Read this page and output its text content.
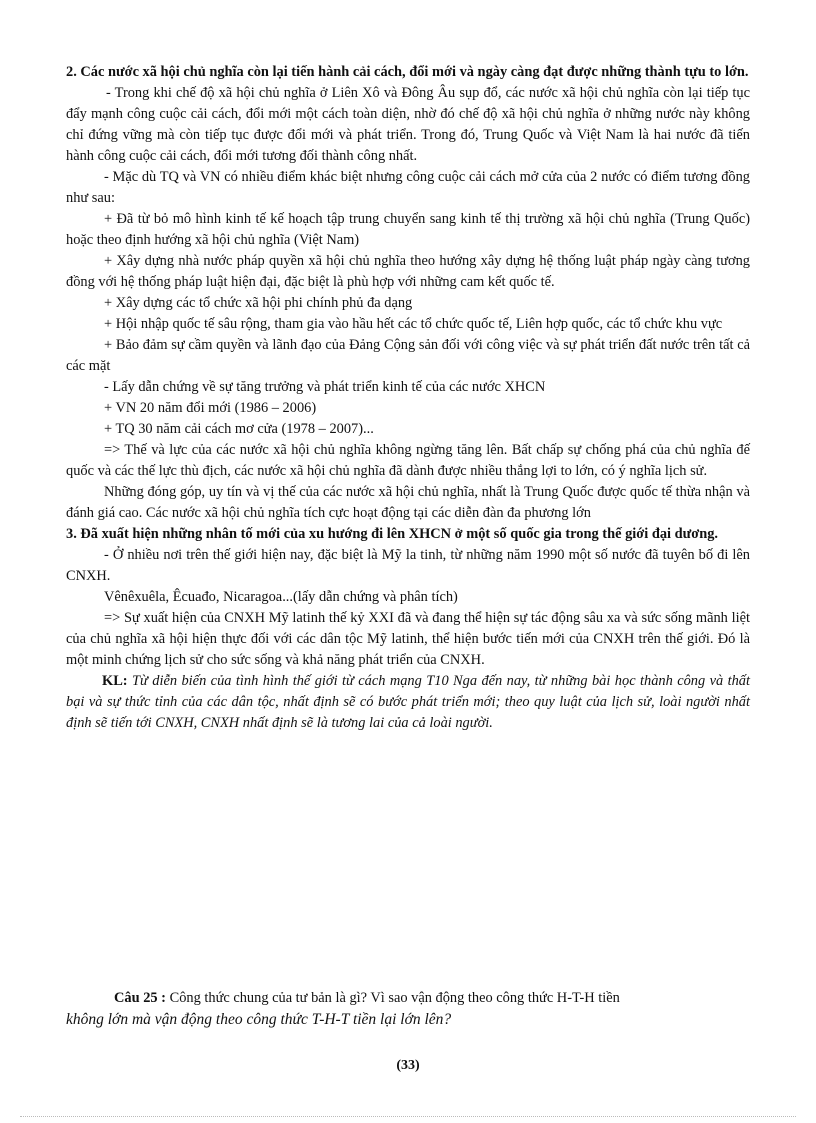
2. Các nước xã hội chủ nghĩa còn lại tiến hành cải cách, đổi mới và ngày càng đạt được những thành tựu to lớn.

- Trong khi chế độ xã hội chủ nghĩa ở Liên Xô và Đông Âu sụp đổ, các nước xã hội chủ nghĩa còn lại tiếp tục đẩy mạnh công cuộc cải cách, đổi mới một cách toàn diện, nhờ đó chế độ xã hội chủ nghĩa ở những nước này không chỉ đứng vững mà còn tiếp tục được đổi mới và phát triển. Trong đó, Trung Quốc và Việt Nam là hai nước đã tiến hành công cuộc cải cách, đổi mới tương đối thành công nhất.

- Mặc dù TQ và VN có nhiều điểm khác biệt nhưng công cuộc cải cách mở cửa của 2 nước có điểm tương đồng như sau:

+ Đã từ bỏ mô hình kinh tế kế hoạch tập trung chuyển sang kinh tế thị trường xã hội chủ nghĩa (Trung Quốc) hoặc theo định hướng xã hội chủ nghĩa (Việt Nam)

+ Xây dựng nhà nước pháp quyền xã hội chủ nghĩa theo hướng xây dựng hệ thống luật pháp ngày càng tương đồng với hệ thống pháp luật hiện đại, đặc biệt là phù hợp với những cam kết quốc tế.

+ Xây dựng các tổ chức xã hội phi chính phủ đa dạng

+ Hội nhập quốc tế sâu rộng, tham gia vào hầu hết các tổ chức quốc tế, Liên hợp quốc, các tổ chức khu vực

+ Bảo đảm sự cầm quyền và lãnh đạo của Đảng Cộng sản đối với công việc và sự phát triển đất nước trên tất cả các mặt

- Lấy dẫn chứng về sự tăng trưởng và phát triển kinh tế của các nước XHCN

+ VN 20 năm đổi mới (1986 – 2006)

+ TQ 30 năm cải cách mơ cửa (1978 – 2007)...

=> Thế và lực của các nước xã hội chủ nghĩa không ngừng tăng lên. Bất chấp sự chống phá của chủ nghĩa đế quốc và các thế lực thù địch, các nước xã hội chủ nghĩa đã dành được nhiều thắng lợi to lớn, có ý nghĩa lịch sử.

Những đóng góp, uy tín và vị thế của các nước xã hội chủ nghĩa, nhất là Trung Quốc được quốc tế thừa nhận và đánh giá cao. Các nước xã hội chủ nghĩa tích cực hoạt động tại các diễn đàn đa phương lớn

3. Đã xuất hiện những nhân tố mới của xu hướng đi lên XHCN ở một số quốc gia trong thế giới đại dương.

- Ở nhiều nơi trên thế giới hiện nay, đặc biệt là Mỹ la tinh, từ những năm 1990 một số nước đã tuyên bố đi lên CNXH.

Vênêxuêla, Êcuađo, Nicaragoa...(lấy dẫn chứng và phân tích)

=> Sự xuất hiện của CNXH Mỹ latinh thế kỷ XXI đã và đang thể hiện sự tác động sâu xa và sức sống mãnh liệt của chủ nghĩa xã hội hiện thực đối với các dân tộc Mỹ latinh, thể hiện bước tiến mới của CNXH trên thế giới. Đó là một minh chứng lịch sử cho sức sống và khả năng phát triển của CNXH.

KL: Từ diễn biến của tình hình thế giới từ cách mạng T10 Nga đến nay, từ những bài học thành công và thất bại và sự thức tỉnh của các dân tộc, nhất định sẽ có bước phát triển mới; theo quy luật của lịch sử, loài người nhất định sẽ tiến tới CNXH, CNXH nhất định sẽ là tương lai của cả loài người.

Câu 25 : Công thức chung của tư bản là gì? Vì sao vận động theo công thức H-T-H tiền

không lớn mà vận động theo công thức T-H-T tiền lại lớn lên?

(33)
